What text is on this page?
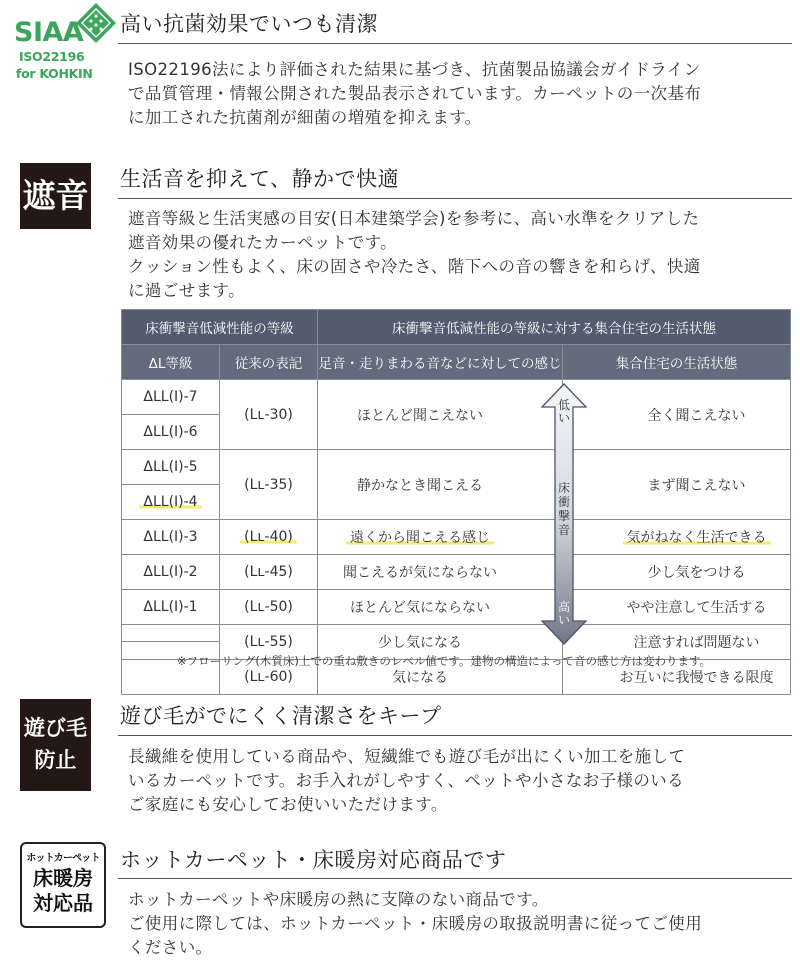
SIAA
ISO22196
for KOHKIN
高い抗菌効果でいつも清潔
ISO22196法により評価された結果に基づき、抗菌製品協議会ガイドライン
で品質管理・情報公開された製品表示されています。カーペットの一次基布
に加工された抗菌剤が細菌の増殖を抑えます。
遮音 生活音を抑えて、静かで快適
遮音等級と生活実感の目安(日本建築学会)を参考に、高い水準をクリアした
遮音効果の優れたカーペットです。
クッション性もよく、床の固さや冷たさ、階下への音の響きを和らげ、快適
に過ごせます。
床衝撃音低減性能の等級		床衝撃音低減性能の等級に対する集合住宅の生活状態	
ΔL等級	従来の表記	足音・走りまわる音などに対しての感じ	集合住宅の生活状態
ΔLL(I)-7	(Lʟ-30)	ほとんど聞こえない	全く聞こえない
ΔLL(I)-6			
ΔLL(I)-5	(Lʟ-35)	静かなとき聞こえる	まず聞こえない
ΔLL(I)-4			
ΔLL(I)-3	(Lʟ-40)	遠くから聞こえる感じ	気がねなく生活できる
ΔLL(I)-2	(Lʟ-45)	聞こえるが気にならない	少し気をつける
ΔLL(I)-1	(Lʟ-50)	ほとんど気にならない	やや注意して生活する
	(Lʟ-55)	少し気になる	注意すれば問題ない

	(Lʟ-60)	気になる	お互いに我慢できる限度
低い
床衝撃音
高い
※フローリング(木質床)上での重ね敷きのレベル値です。建物の構造によって音の感じ方は変わります。
遊び毛
防止
遊び毛がでにくく清潔さをキープ
長繊維を使用している商品や、短繊維でも遊び毛が出にくい加工を施して
いるカーペットです。お手入れがしやすく、ペットや小さなお子様のいる
ご家庭にも安心してお使いいただけます。
ホットカーペット
床暖房
対応品
ホットカーペット・床暖房対応商品です
ホットカーペットや床暖房の熱に支障のない商品です。
ご使用に際しては、ホットカーペット・床暖房の取扱説明書に従ってご使用
ください。
